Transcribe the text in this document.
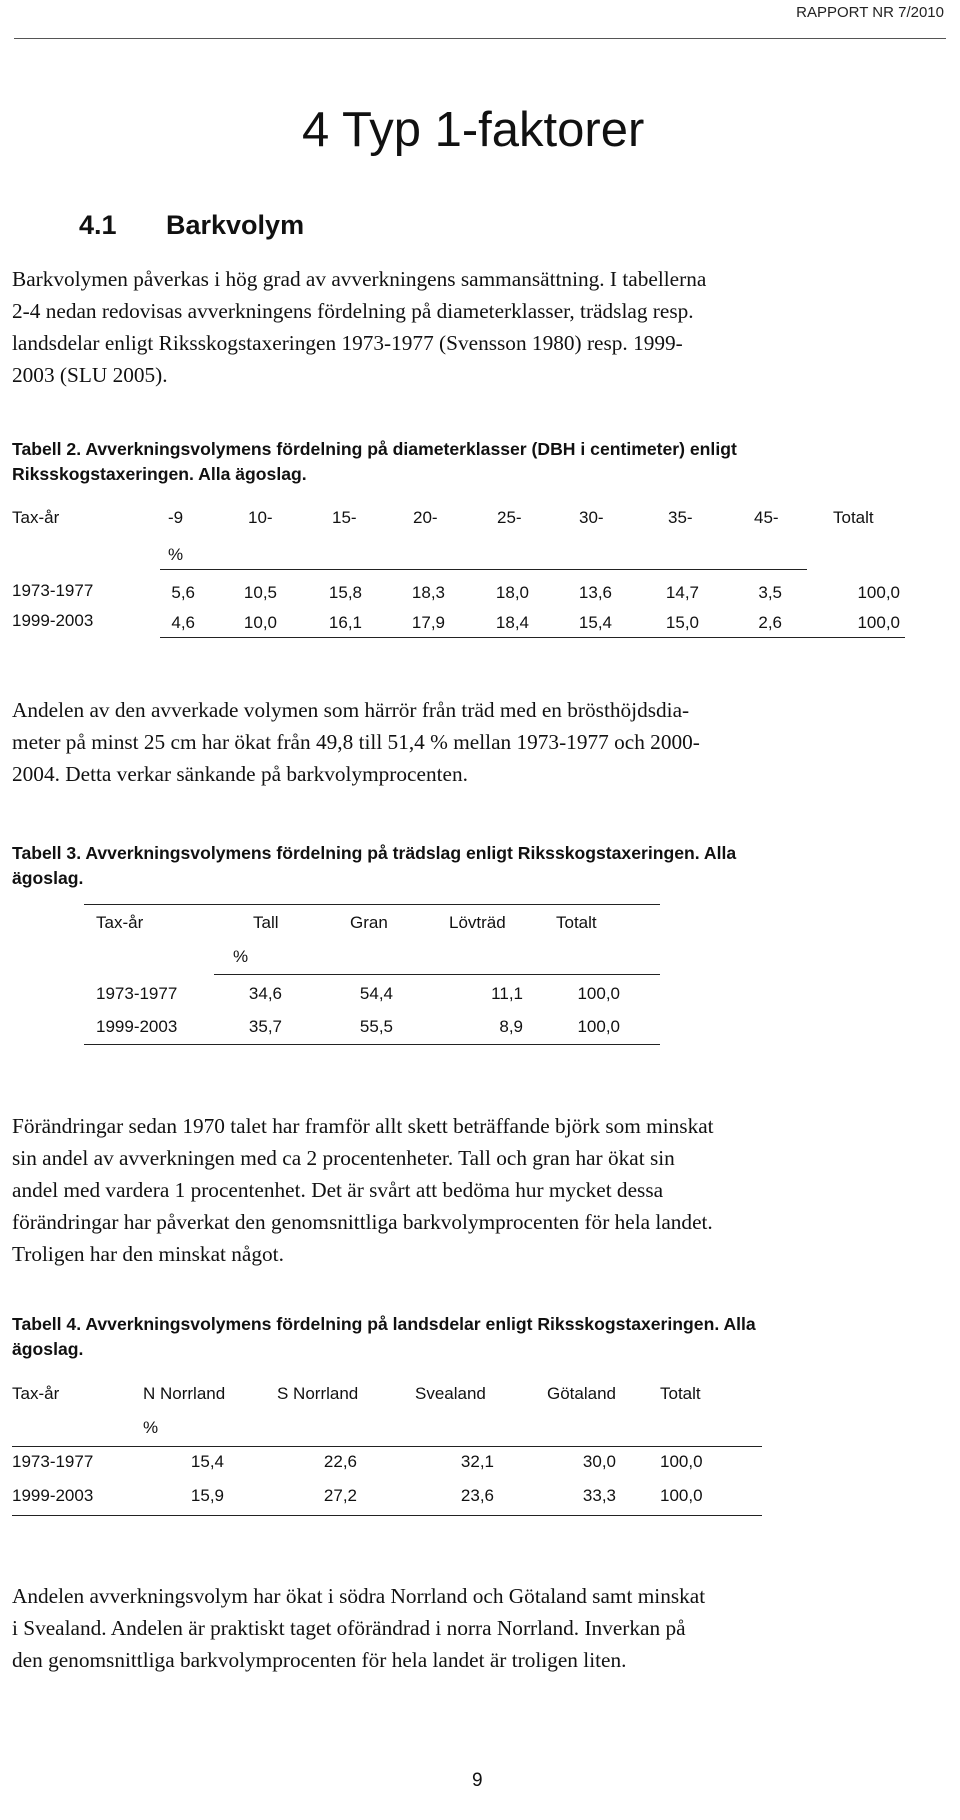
RAPPORT NR 7/2010
4 Typ 1-faktorer
4.1 Barkvolym
Barkvolymen påverkas i hög grad av avverkningens sammansättning. I tabellerna
2-4 nedan redovisas avverkningens fördelning på diameterklasser, trädslag resp.
landsdelar enligt Riksskogstaxeringen 1973-1977 (Svensson 1980) resp. 1999-
2003 (SLU 2005).
Tabell 2. Avverkningsvolymens fördelning på diameterklasser (DBH i centimeter) enligt
Riksskogstaxeringen. Alla ägoslag.
Tax-år	-9	10-	15-	20-	25-	30-	35-	45-	Totalt
%
1973-1977	5,6	10,5	15,8	18,3	18,0	13,6	14,7	3,5	100,0
1999-2003	4,6	10,0	16,1	17,9	18,4	15,4	15,0	2,6	100,0
Andelen av den avverkade volymen som härrör från träd med en brösthöjdsdia-
meter på minst 25 cm har ökat från 49,8 till 51,4 % mellan 1973-1977 och 2000-
2004. Detta verkar sänkande på barkvolymprocenten.
Tabell 3. Avverkningsvolymens fördelning på trädslag enligt Riksskogstaxeringen. Alla
ägoslag.
Tax-år	Tall	Gran	Lövträd	Totalt
%
1973-1977	34,6	54,4	11,1	100,0
1999-2003	35,7	55,5	8,9	100,0
Förändringar sedan 1970 talet har framför allt skett beträffande björk som minskat
sin andel av avverkningen med ca 2 procentenheter. Tall och gran har ökat sin
andel med vardera 1 procentenhet. Det är svårt att bedöma hur mycket dessa
förändringar har påverkat den genomsnittliga barkvolymprocenten för hela landet.
Troligen har den minskat något.
Tabell 4. Avverkningsvolymens fördelning på landsdelar enligt Riksskogstaxeringen. Alla
ägoslag.
Tax-år	N Norrland	S Norrland	Svealand	Götaland	Totalt
%
1973-1977	15,4	22,6	32,1	30,0	100,0
1999-2003	15,9	27,2	23,6	33,3	100,0
Andelen avverkningsvolym har ökat i södra Norrland och Götaland samt minskat
i Svealand. Andelen är praktiskt taget oförändrad i norra Norrland. Inverkan på
den genomsnittliga barkvolymprocenten för hela landet är troligen liten.
9
